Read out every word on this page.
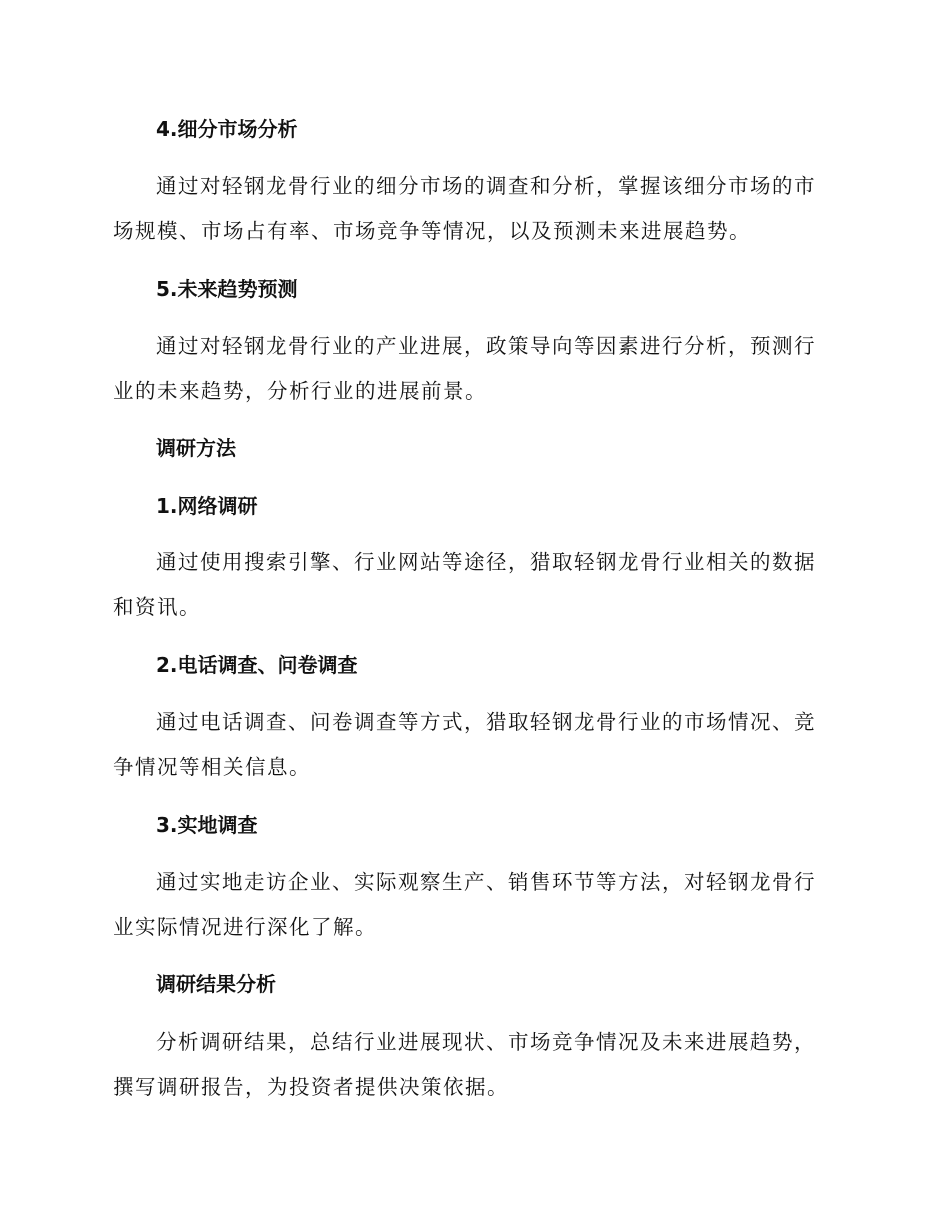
4.细分市场分析

通过对轻钢龙骨行业的细分市场的调查和分析，掌握该细分市场的市场规模、市场占有率、市场竞争等情况，以及预测未来进展趋势。

5.未来趋势预测

通过对轻钢龙骨行业的产业进展，政策导向等因素进行分析，预测行业的未来趋势，分析行业的进展前景。

调研方法
1.网络调研

通过使用搜索引擎、行业网站等途径，猎取轻钢龙骨行业相关的数据和资讯。

2.电话调查、问卷调查

通过电话调查、问卷调查等方式，猎取轻钢龙骨行业的市场情况、竞争情况等相关信息。

3.实地调查

通过实地走访企业、实际观察生产、销售环节等方法，对轻钢龙骨行业实际情况进行深化了解。

调研结果分析

分析调研结果，总结行业进展现状、市场竞争情况及未来进展趋势，撰写调研报告，为投资者提供决策依据。
